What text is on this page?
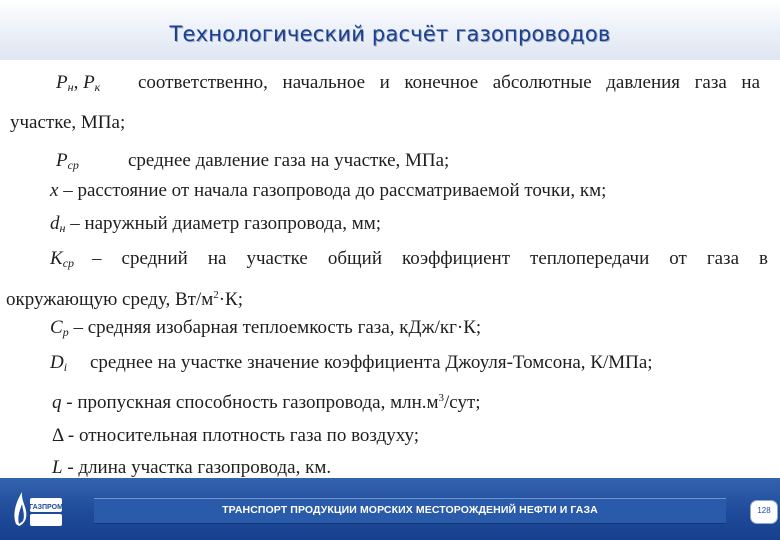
Технологический расчёт газопроводов
$P_н$, $P_к$ соответственно, начальное и конечное абсолютные давления газа на
участке, МПа;
$P_{ср}$	среднее давление газа на участке, МПа;
x – расстояние от начала газопровода до рассматриваемой точки, км;
$d_н$ – наружный диаметр газопровода, мм;
$K_{ср}$ – средний на участке общий коэффициент теплопередачи от газа в
окружающую среду, $Вт/м^2\cdot К$;
$C_p$ – средняя изобарная теплоемкость газа, кДж/кг·К;
$D_i$ среднее на участке значение коэффициента Джоуля-Томсона, К/МПа;
q - пропускная способность газопровода, $млн.м^3$/сут;
Δ - относительная плотность газа по воздуху;
L - длина участка газопровода, км.
ГАЗПРОМ	ТРАНСПОРТ ПРОДУКЦИИ МОРСКИХ МЕСТОРОЖДЕНИЙ НЕФТИ И ГАЗА	128
